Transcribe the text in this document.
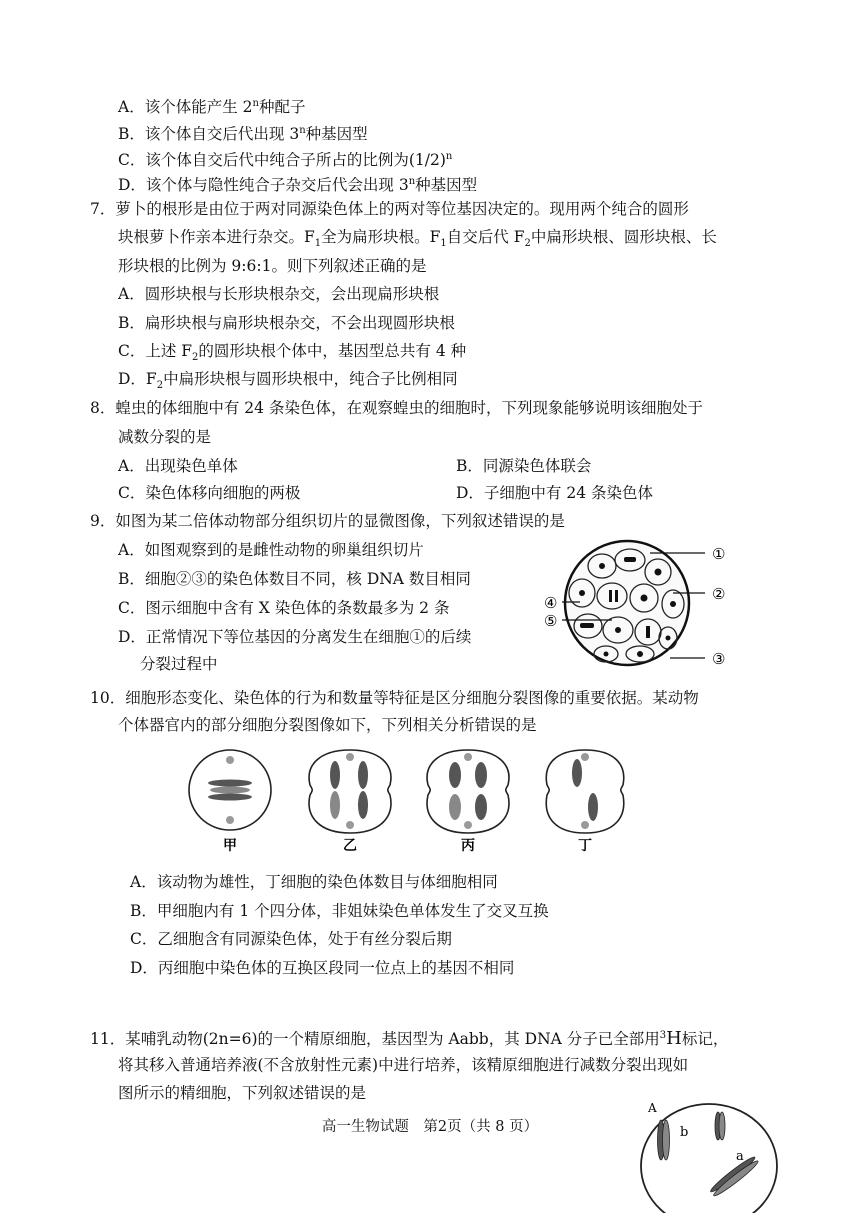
A．该个体能产生 2$^n$种配子
B．该个体自交后代出现 3$^n$种基因型
C．该个体自交后代中纯合子所占的比例为$(1/2)^n$
D．该个体与隐性纯合子杂交后代会出现 3$^n$种基因型
7．萝卜的根形是由位于两对同源染色体上的两对等位基因决定的。现用两个纯合的圆形
块根萝卜作亲本进行杂交。$F_1$全为扁形块根。$F_1$自交后代 $F_2$中扁形块根、圆形块根、长
形块根的比例为 9:6:1。则下列叙述正确的是
A．圆形块根与长形块根杂交，会出现扁形块根
B．扁形块根与扁形块根杂交，不会出现圆形块根
C．上述 $F_2$的圆形块根个体中，基因型总共有 4 种
D．$F_2$中扁形块根与圆形块根中，纯合子比例相同
8．蝗虫的体细胞中有 24 条染色体，在观察蝗虫的细胞时，下列现象能够说明该细胞处于
减数分裂的是
A．出现染色单体	B．同源染色体联会
C．染色体移向细胞的两极	D．子细胞中有 24 条染色体
9．如图为某二倍体动物部分组织切片的显微图像，下列叙述错误的是
A．如图观察到的是雌性动物的卵巢组织切片
B．细胞②③的染色体数目不同，核 DNA 数目相同
C．图示细胞中含有 X 染色体的条数最多为 2 条
D．正常情况下等位基因的分离发生在细胞①的后续
分裂过程中
①
②
③
④
⑤
10．细胞形态变化、染色体的行为和数量等特征是区分细胞分裂图像的重要依据。某动物
个体器官内的部分细胞分裂图像如下，下列相关分析错误的是
甲	乙	丙	丁
A．该动物为雄性，丁细胞的染色体数目与体细胞相同
B．甲细胞内有 1 个四分体，非姐妹染色单体发生了交叉互换
C．乙细胞含有同源染色体，处于有丝分裂后期
D．丙细胞中染色体的互换区段同一位点上的基因不相同
11．某哺乳动物(2n=6)的一个精原细胞，基因型为 Aabb，其 DNA 分子已全部用$^3$H标记，
将其移入普通培养液(不含放射性元素)中进行培养，该精原细胞进行减数分裂出现如
图所示的精细胞，下列叙述错误的是
A
b
a
高一生物试题　第2页（共 8 页）
